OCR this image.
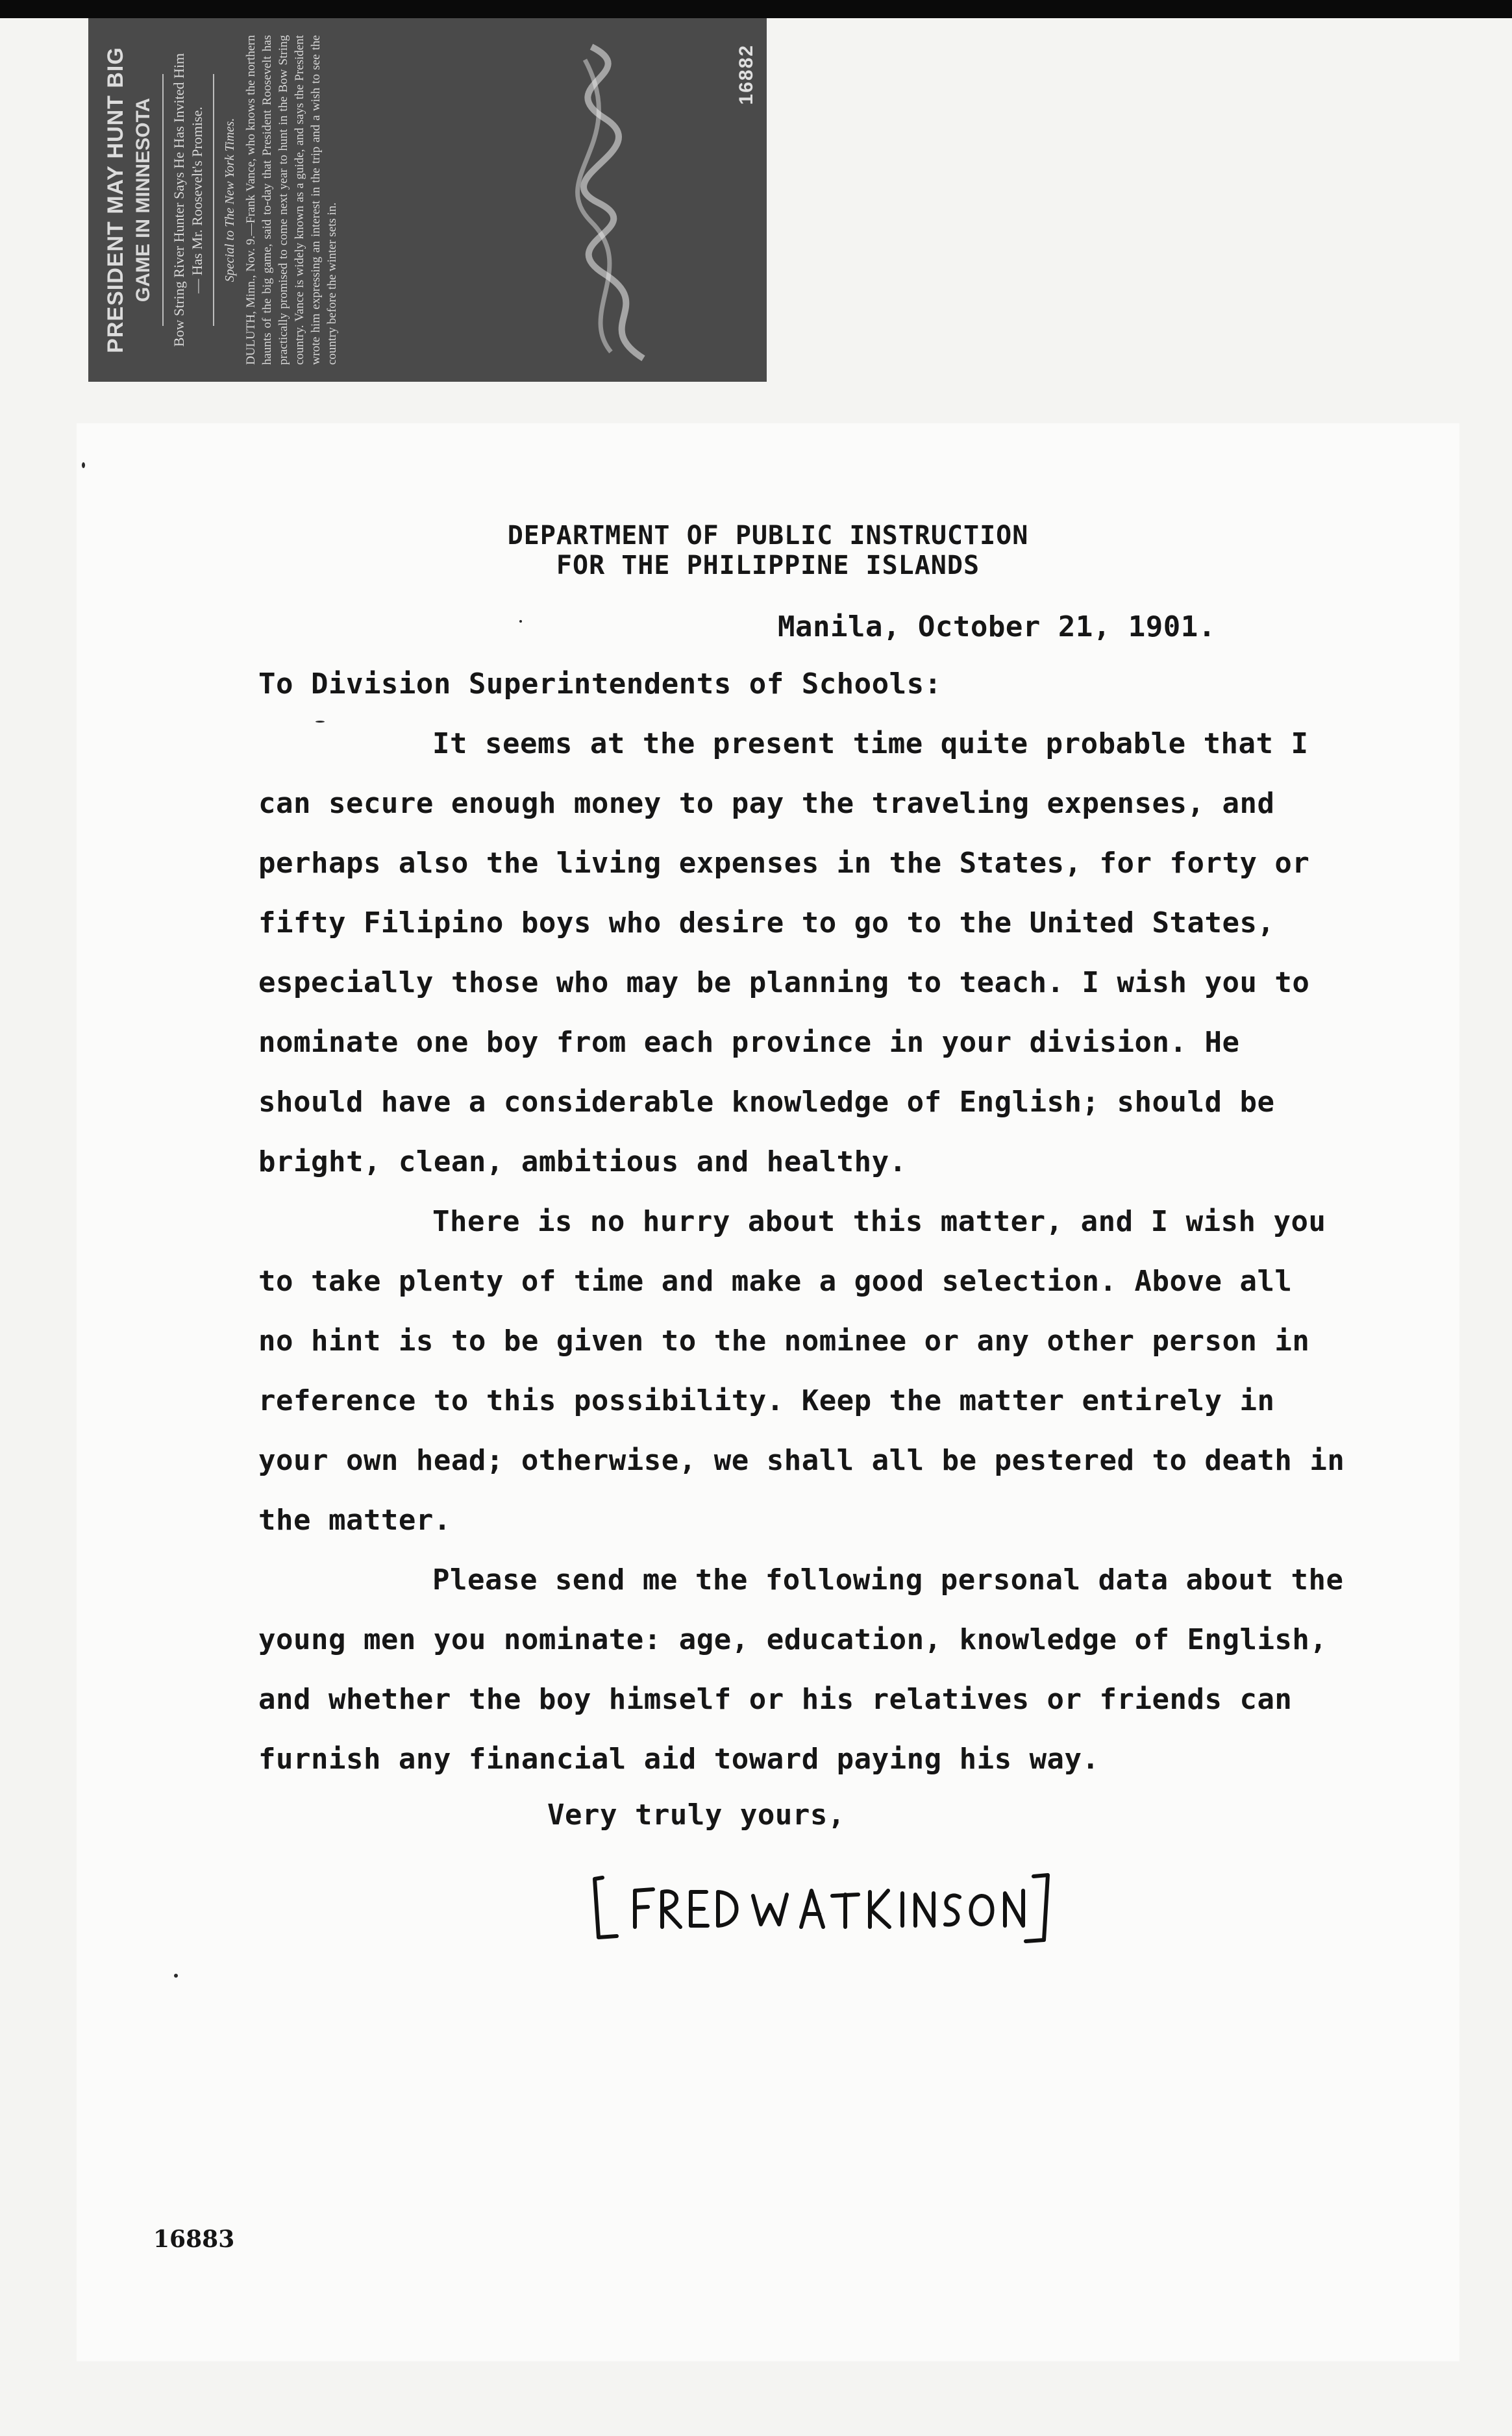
PRESIDENT MAY HUNT BIG GAME IN MINNESOTA Bow String River Hunter Says He Has Invited Him — Has Mr. Roosevelt's Promise. Special to The New York Times. DULUTH, Minn., Nov. 9.—Frank Vance, who knows the northern haunts of the big game, said to-day that President Roosevelt has practically promised to come next year to hunt in the Bow String country. Vance is widely known as a guide, and says the President wrote him expressing an interest in the trip and a wish to see the country before the winter sets in.
16882
DEPARTMENT OF PUBLIC INSTRUCTION
FOR THE PHILIPPINE ISLANDS
Manila, October 21, 1901.
To Division Superintendents of Schools:
It seems at the present time quite probable that I
can secure enough money to pay the traveling expenses, and
perhaps also the living expenses in the States, for forty or
fifty Filipino boys who desire to go to the United States,
especially those who may be planning to teach. I wish you to
nominate one boy from each province in your division. He
should have a considerable knowledge of English; should be
bright, clean, ambitious and healthy.
There is no hurry about this matter, and I wish you
to take plenty of time and make a good selection. Above all
no hint is to be given to the nominee or any other person in
reference to this possibility. Keep the matter entirely in
your own head; otherwise, we shall all be pestered to death in
the matter.
Please send me the following personal data about the
young men you nominate: age, education, knowledge of English,
and whether the boy himself or his relatives or friends can
furnish any financial aid toward paying his way.
Very truly yours,
[FRED W ATKINSON]
16883
